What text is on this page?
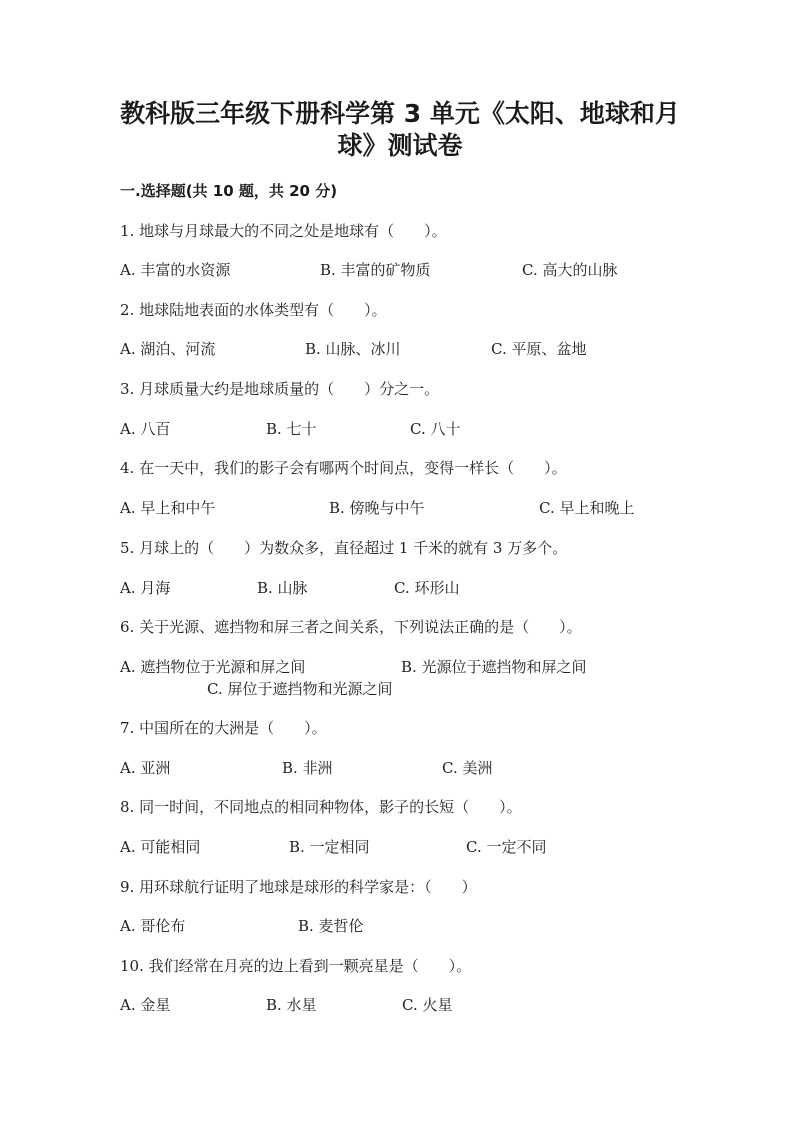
教科版三年级下册科学第 3 单元《太阳、地球和月
球》测试卷
一.选择题(共 10 题，共 20 分)
1. 地球与月球最大的不同之处是地球有（　　）。
A. 丰富的水资源	B. 丰富的矿物质	C. 高大的山脉
2. 地球陆地表面的水体类型有（　　）。
A. 湖泊、河流	B. 山脉、冰川	C. 平原、盆地
3. 月球质量大约是地球质量的（　　）分之一。
A. 八百	B. 七十	C. 八十
4. 在一天中，我们的影子会有哪两个时间点，变得一样长（　　）。
A. 早上和中午	B. 傍晚与中午	C. 早上和晚上
5. 月球上的（　　）为数众多，直径超过 1 千米的就有 3 万多个。
A. 月海	B. 山脉	C. 环形山
6. 关于光源、遮挡物和屏三者之间关系，下列说法正确的是（　　）。
A. 遮挡物位于光源和屏之间	B. 光源位于遮挡物和屏之间
C. 屏位于遮挡物和光源之间
7. 中国所在的大洲是（　　）。
A. 亚洲	B. 非洲	C. 美洲
8. 同一时间，不同地点的相同种物体，影子的长短（　　）。
A. 可能相同	B. 一定相同	C. 一定不同
9. 用环球航行证明了地球是球形的科学家是：（　　）
A. 哥伦布	B. 麦哲伦
10. 我们经常在月亮的边上看到一颗亮星是（　　）。
A. 金星	B. 水星	C. 火星
